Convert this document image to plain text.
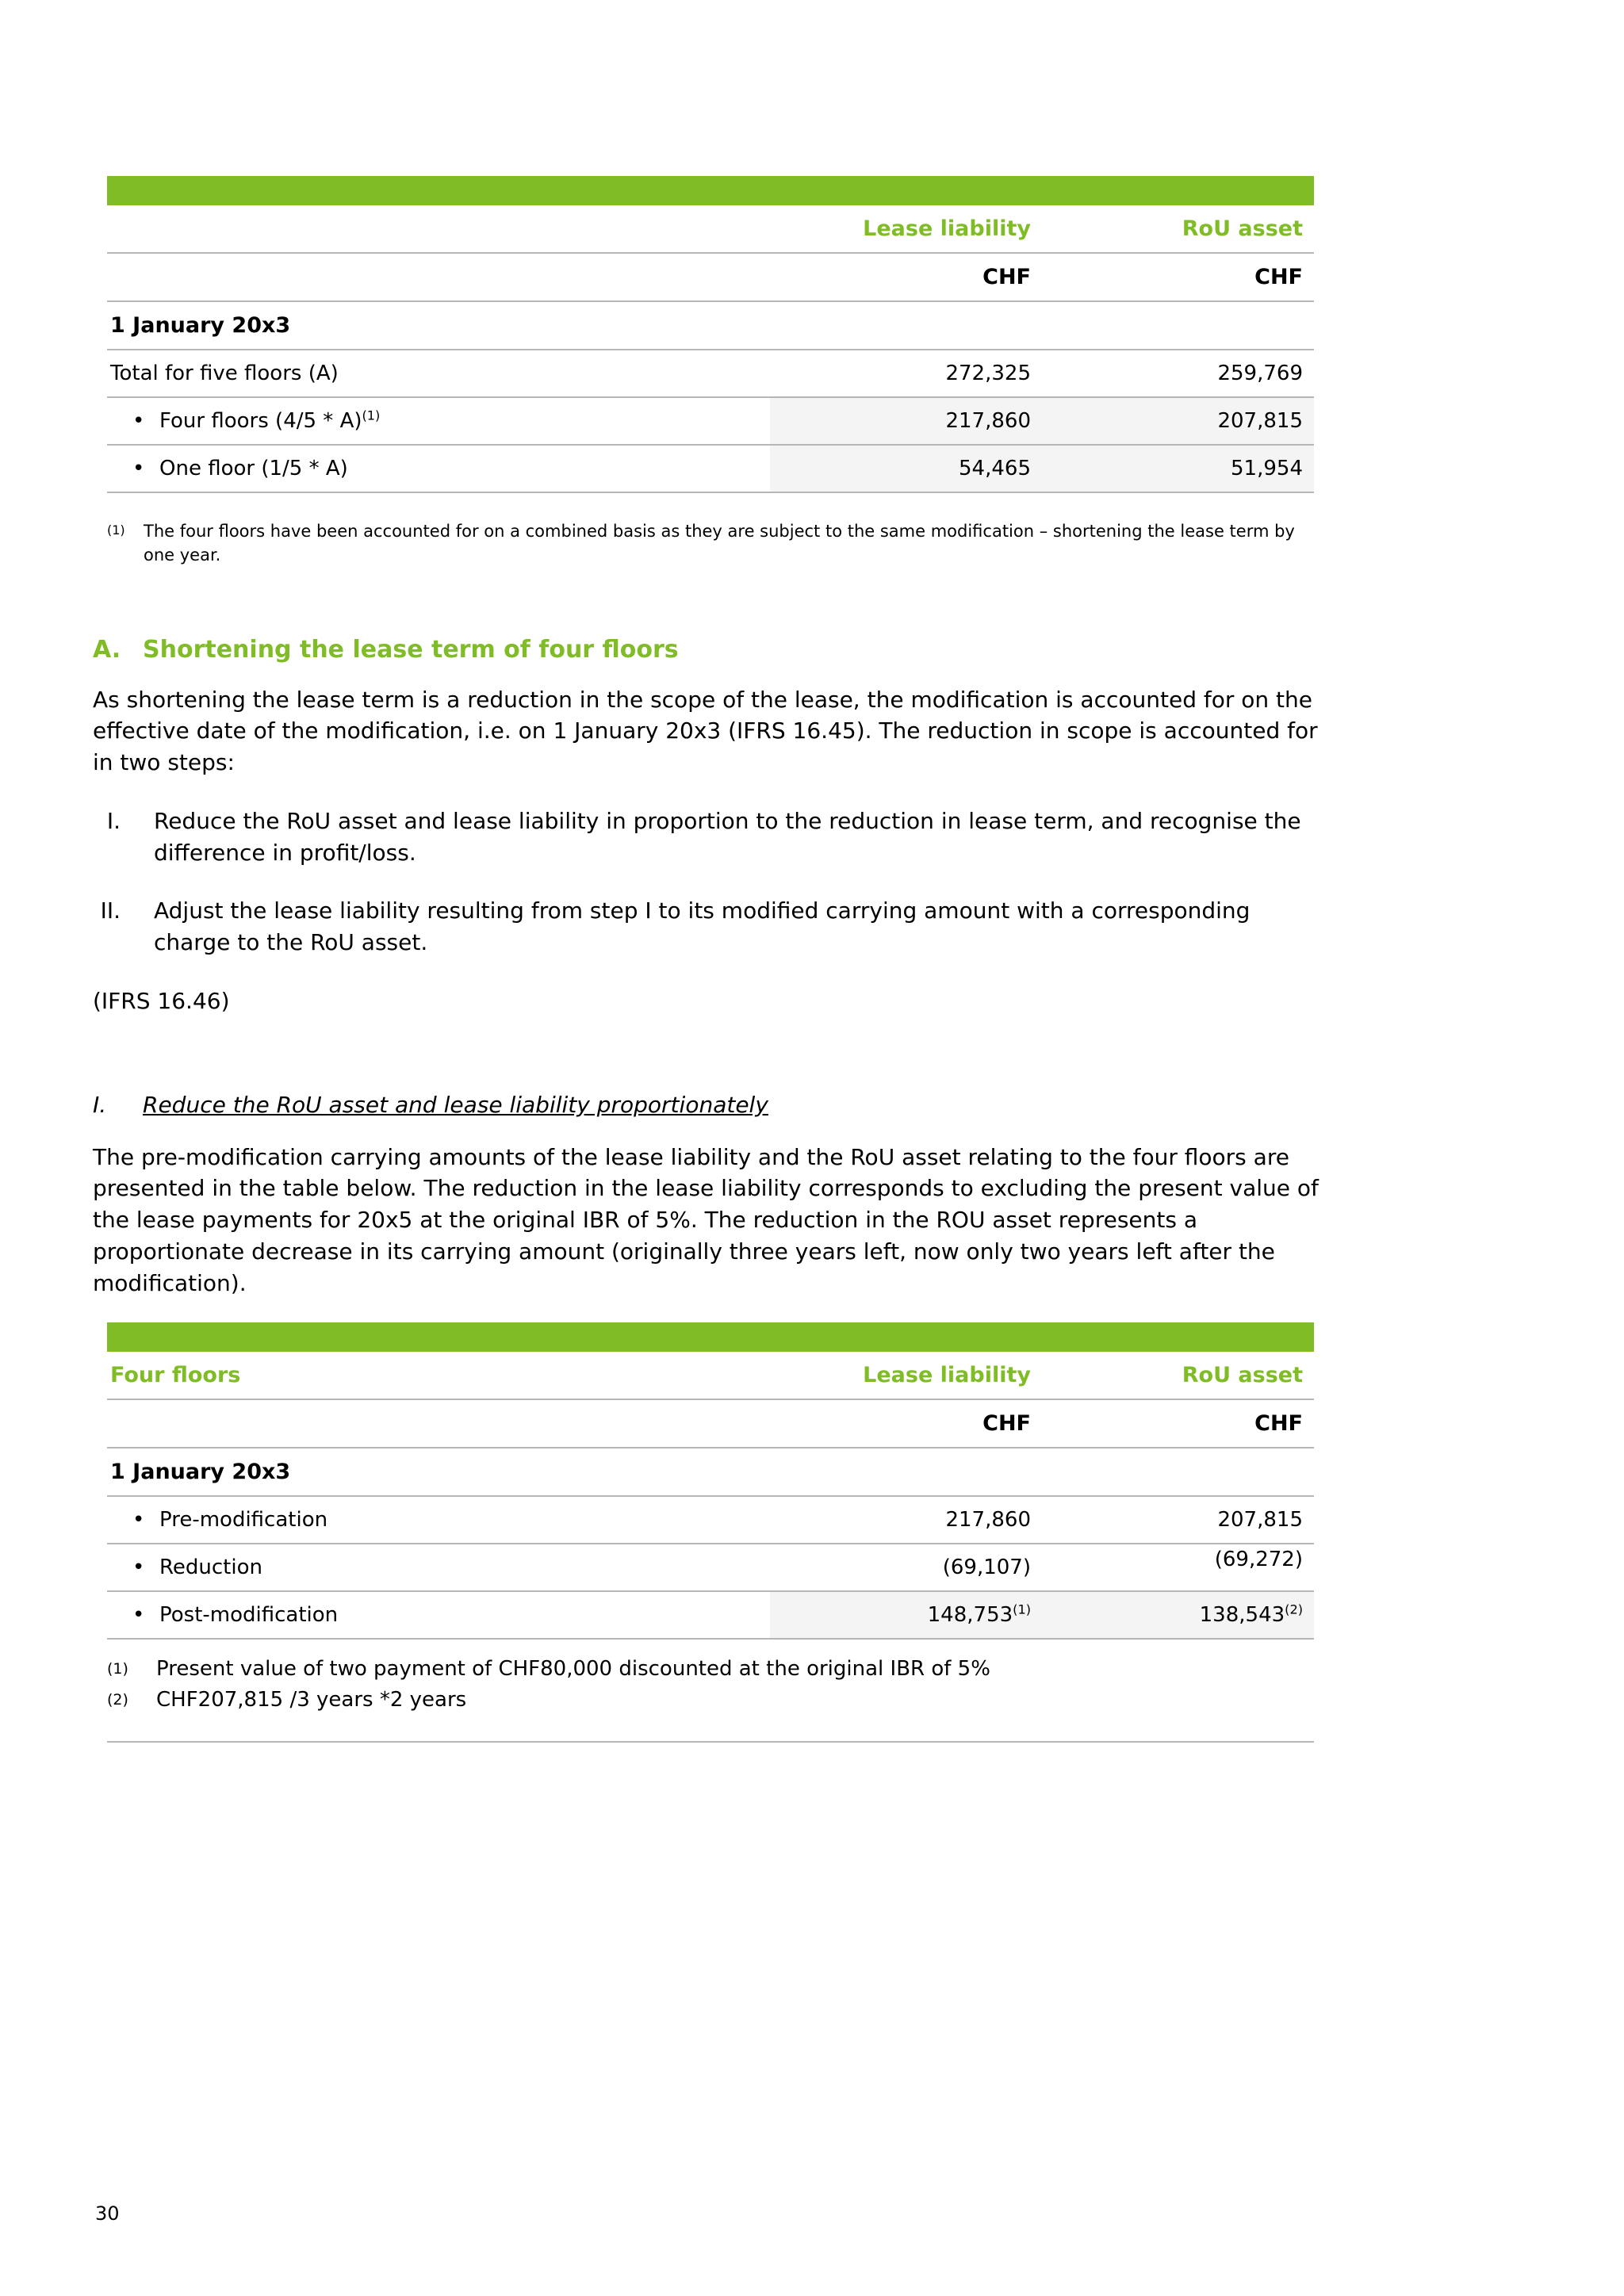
	Lease liability	RoU asset
	CHF	CHF
1 January 20x3		
Total for five floors (A)	272,325	259,769
• Four floors (4/5 * A)$^{(1)}$	217,860	207,815
• One floor (1/5 * A)	54,465	51,954
(1)	The four floors have been accounted for on a combined basis as they are subject to the same modification – shortening the lease term by one year.
A. Shortening the lease term of four floors

As shortening the lease term is a reduction in the scope of the lease, the modification is accounted for on the effective date of the modification, i.e. on 1 January 20x3 (IFRS 16.45). The reduction in scope is accounted for in two steps:

I.	Reduce the RoU asset and lease liability in proportion to the reduction in lease term, and recognise the difference in profit/loss.
II.	Adjust the lease liability resulting from step I to its modified carrying amount with a corresponding charge to the RoU asset.

(IFRS 16.46)

I.	Reduce the RoU asset and lease liability proportionately

The pre-modification carrying amounts of the lease liability and the RoU asset relating to the four floors are presented in the table below. The reduction in the lease liability corresponds to excluding the present value of the lease payments for 20x5 at the original IBR of 5%. The reduction in the ROU asset represents a proportionate decrease in its carrying amount (originally three years left, now only two years left after the modification).

Four floors	Lease liability	RoU asset
	CHF	CHF
1 January 20x3		
• Pre-modification	217,860	207,815
• Reduction	(69,107)	(69,272)
• Post-modification	148,753$^{(1)}$	138,543$^{(2)}$
(1)	Present value of two payment of CHF80,000 discounted at the original IBR of 5%
(2)	CHF207,815 /3 years *2 years
30
